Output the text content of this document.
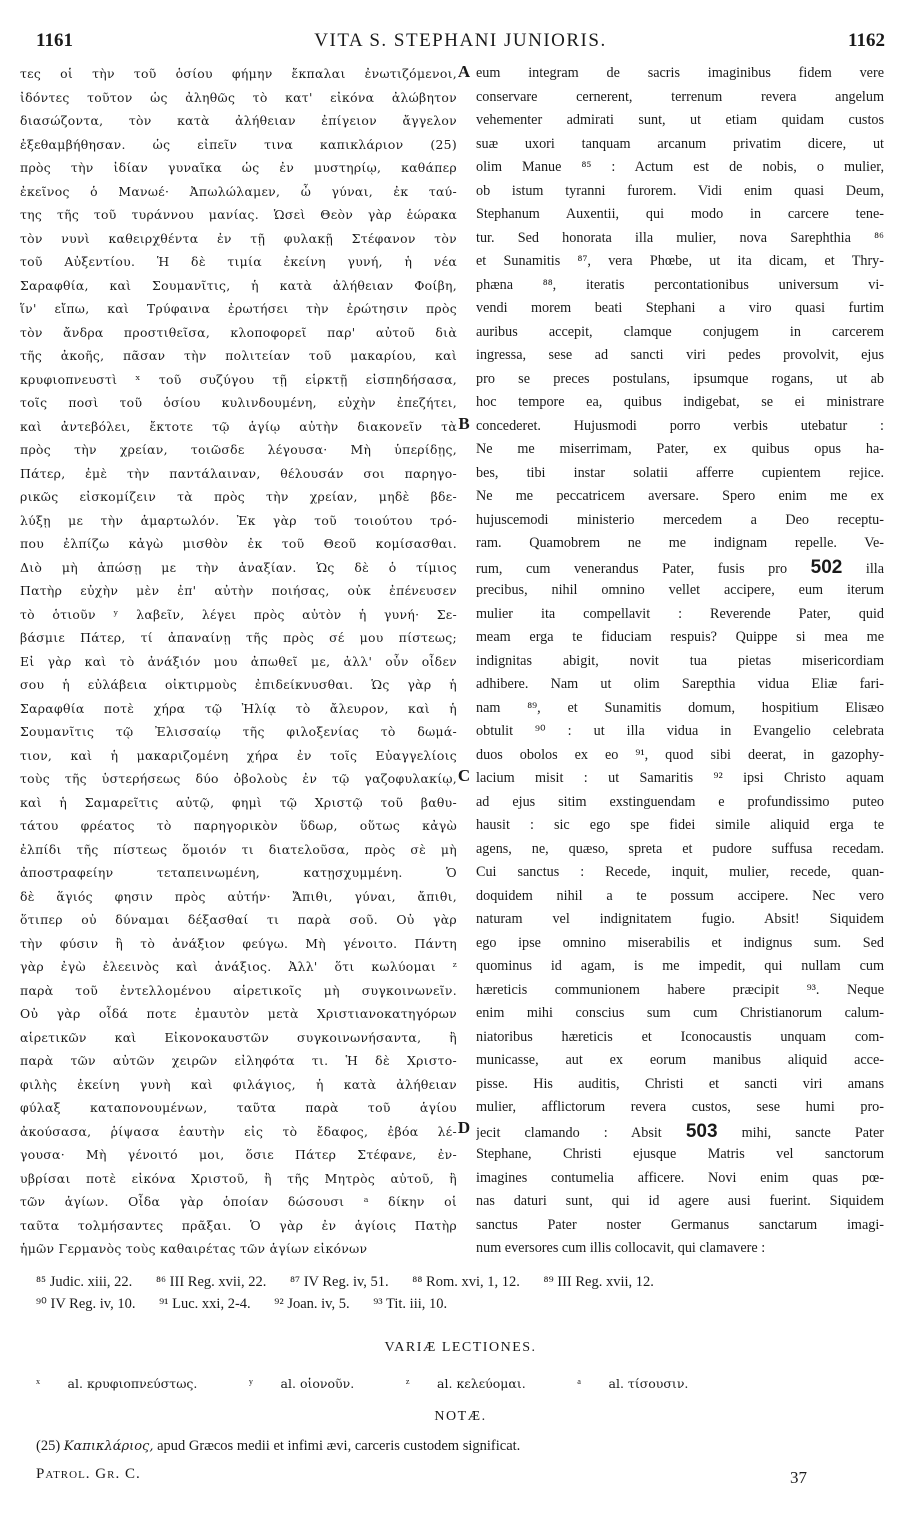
1161	VITA S. STEPHANI JUNIORIS.	1162
τες οἱ τὴν τοῦ ὁσίου φήμην ἔκπαλαι ἐνωτιζόμενοι,
ἰδόντες τοῦτον ὡς ἀληθῶς τὸ κατ' εἰκόνα ἀλώβητον
διασώζοντα, τὸν κατὰ ἀλήθειαν ἐπίγειον ἄγγελον
ἐξεθαμβήθησαν. ὡς εἰπεῖν τινα καπικλάριον (25)
πρὸς τὴν ἰδίαν γυναῖκα ὡς ἐν μυστηρίῳ, καθάπερ
ἐκεῖνος ὁ Μανωέ· Ἀπωλώλαμεν, ὦ γύναι, ἐκ ταύ-
της τῆς τοῦ τυράννου μανίας. Ὡσεὶ Θεὸν γὰρ ἑώρακα
τὸν νυνὶ καθειρχθέντα ἐν τῇ φυλακῇ Στέφανον τὸν
τοῦ Αὐξεντίου. Ἡ δὲ τιμία ἐκείνη γυνή, ἡ νέα
Σαραφθία, καὶ Σουμανῖτις, ἡ κατὰ ἀλήθειαν Φοίβη,
ἵν' εἴπω, καὶ Τρύφαινα ἐρωτήσει τὴν ἐρώτησιν πρὸς
τὸν ἄνδρα προστιθεῖσα, κλοποφορεῖ παρ' αὐτοῦ διὰ
τῆς ἀκοῆς, πᾶσαν τὴν πολιτείαν τοῦ μακαρίου, καὶ
κρυφιοπνευστὶ ˣ τοῦ συζύγου τῇ εἱρκτῇ εἰσπηδήσασα,
τοῖς ποσὶ τοῦ ὁσίου κυλινδουμένη, εὐχὴν ἐπεζήτει,
καὶ ἀντεβόλει, ἔκτοτε τῷ ἁγίῳ αὐτὴν διακονεῖν τὰ
πρὸς τὴν χρείαν, τοιῶσδε λέγουσα· Μὴ ὑπερίδῃς,
Πάτερ, ἐμὲ τὴν παντάλαιναν, θέλουσάν σοι παρηγο-
ρικῶς εἰσκομίζειν τὰ πρὸς τὴν χρείαν, μηδὲ βδε-
λύξῃ με τὴν ἁμαρτωλόν. Ἐκ γὰρ τοῦ τοιούτου τρό-
που ἐλπίζω κἀγὼ μισθὸν ἐκ τοῦ Θεοῦ κομίσασθαι.
Διὸ μὴ ἀπώσῃ με τὴν ἀναξίαν. Ὡς δὲ ὁ τίμιος
Πατὴρ εὐχὴν μὲν ἐπ' αὐτὴν ποιήσας, οὐκ ἐπένευσεν
τὸ ὁτιοῦν ʸ λαβεῖν, λέγει πρὸς αὐτὸν ἡ γυνή· Σε-
βάσμιε Πάτερ, τί ἀπαναίνῃ τῆς πρὸς σέ μου πίστεως;
Εἰ γὰρ καὶ τὸ ἀνάξιόν μου ἀπωθεῖ με, ἀλλ' οὖν οἶδεν
σου ἡ εὐλάβεια οἰκτιρμοὺς ἐπιδείκνυσθαι. Ὡς γὰρ ἡ
Σαραφθία ποτὲ χήρα τῷ Ἠλίᾳ τὸ ἄλευρον, καὶ ἡ
Σουμανῖτις τῷ Ἐλισσαίῳ τῆς φιλοξενίας τὸ δωμά-
τιον, καὶ ἡ μακαριζομένη χήρα ἐν τοῖς Εὐαγγελίοις
τοὺς τῆς ὑστερήσεως δύο ὀβολοὺς ἐν τῷ γαζοφυλακίῳ,
καὶ ἡ Σαμαρεῖτις αὐτῷ, φημὶ τῷ Χριστῷ τοῦ βαθυ-
τάτου φρέατος τὸ παρηγορικὸν ὕδωρ, οὕτως κἀγὼ
ἐλπίδι τῆς πίστεως ὅμοιόν τι διατελοῦσα, πρὸς σὲ μὴ
ἀποστραφείην τεταπεινωμένη, κατῃσχυμμένη. Ὁ
δὲ ἅγιός φησιν πρὸς αὐτήν· Ἄπιθι, γύναι, ἄπιθι,
ὅτιπερ οὐ δύναμαι δέξασθαί τι παρὰ σοῦ. Οὐ γὰρ
τὴν φύσιν ἢ τὸ ἀνάξιον φεύγω. Μὴ γένοιτο. Πάντη
γὰρ ἐγὼ ἐλεεινὸς καὶ ἀνάξιος. Ἀλλ' ὅτι κωλύομαι ᶻ
παρὰ τοῦ ἐντελλομένου αἱρετικοῖς μὴ συγκοινωνεῖν.
Οὐ γὰρ οἶδά ποτε ἐμαυτὸν μετὰ Χριστιανοκατηγόρων
αἱρετικῶν καὶ Εἰκονοκαυστῶν συγκοινωνήσαντα, ἢ
παρὰ τῶν αὐτῶν χειρῶν εἰληφότα τι. Ἡ δὲ Χριστο-
φιλὴς ἐκείνη γυνὴ καὶ φιλάγιος, ἡ κατὰ ἀλήθειαν
φύλαξ καταπονουμένων, ταῦτα παρὰ τοῦ ἁγίου
ἀκούσασα, ῥίψασα ἑαυτὴν εἰς τὸ ἔδαφος, ἐβόα λέ-
γουσα· Μὴ γένοιτό μοι, ὅσιε Πάτερ Στέφανε, ἐν-
υβρίσαι ποτὲ εἰκόνα Χριστοῦ, ἢ τῆς Μητρὸς αὐτοῦ, ἢ
τῶν ἁγίων. Οἶδα γὰρ ὁποίαν δώσουσι ᵃ δίκην οἱ
ταῦτα τολμήσαντες πρᾶξαι. Ὁ γὰρ ἐν ἁγίοις Πατὴρ
ἡμῶν Γερμανὸς τοὺς καθαιρέτας τῶν ἁγίων εἰκόνων
eum integram de sacris imaginibus fidem vere
conservare cernerent, terrenum revera angelum
vehementer admirati sunt, ut etiam quidam custos
suæ uxori tanquam arcanum privatim dicere, ut
olim Manue ⁸⁵ : Actum est de nobis, o mulier,
ob istum tyranni furorem. Vidi enim quasi Deum,
Stephanum Auxentii, qui modo in carcere tene-
tur. Sed honorata illa mulier, nova Sarephthia ⁸⁶
et Sunamitis ⁸⁷, vera Phœbe, ut ita dicam, et Thry-
phæna ⁸⁸, iteratis percontationibus universum vi-
vendi morem beati Stephani a viro quasi furtim
auribus accepit, clamque conjugem in carcerem
ingressa, sese ad sancti viri pedes provolvit, ejus
pro se preces postulans, ipsumque rogans, ut ab
hoc tempore ea, quibus indigebat, se ei ministrare
concederet. Hujusmodi porro verbis utebatur :
Ne me miserrimam, Pater, ex quibus opus ha-
bes, tibi instar solatii afferre cupientem rejice.
Ne me peccatricem aversare. Spero enim me ex
hujuscemodi ministerio mercedem a Deo receptu-
ram. Quamobrem ne me indignam repelle. Ve-
rum, cum venerandus Pater, fusis pro 502 illa
precibus, nihil omnino vellet accipere, eum iterum
mulier ita compellavit : Reverende Pater, quid
meam erga te fiduciam respuis? Quippe si mea me
indignitas abigit, novit tua pietas misericordiam
adhibere. Nam ut olim Sarepthia vidua Eliæ fari-
nam ⁸⁹, et Sunamitis domum, hospitium Elisæo
obtulit ⁹⁰ : ut illa vidua in Evangelio celebrata
duos obolos ex eo ⁹¹, quod sibi deerat, in gazophy-
lacium misit : ut Samaritis ⁹² ipsi Christo aquam
ad ejus sitim exstinguendam e profundissimo puteo
hausit : sic ego spe fidei simile aliquid erga te
agens, ne, quæso, spreta et pudore suffusa recedam.
Cui sanctus : Recede, inquit, mulier, recede, quan-
doquidem nihil a te possum accipere. Nec vero
naturam vel indignitatem fugio. Absit! Siquidem
ego ipse omnino miserabilis et indignus sum. Sed
quominus id agam, is me impedit, qui nullam cum
hæreticis communionem habere præcipit ⁹³. Neque
enim mihi conscius sum cum Christianorum calum-
niatoribus hæreticis et Iconocaustis unquam com-
municasse, aut ex eorum manibus aliquid acce-
pisse. His auditis, Christi et sancti viri amans
mulier, afflictorum revera custos, sese humi pro-
jecit clamando : Absit 503 mihi, sancte Pater
Stephane, Christi ejusque Matris vel sanctorum
imagines contumelia afficere. Novi enim quas pœ-
nas daturi sunt, qui id agere ausi fuerint. Siquidem
sanctus Pater noster Germanus sanctarum imagi-
num eversores cum illis collocavit, qui clamavere :
A
B
C
D
⁸⁵ Judic. xiii, 22. ⁸⁶ III Reg. xvii, 22. ⁸⁷ IV Reg. iv, 51. ⁸⁸ Rom. xvi, 1, 12. ⁸⁹ III Reg. xvii, 12.
⁹⁰ IV Reg. iv, 10. ⁹¹ Luc. xxi, 2-4. ⁹² Joan. iv, 5. ⁹³ Tit. iii, 10.
VARIÆ LECTIONES.
ˣ al. κρυφιοπνεύστως.	ʸ al. οἱονοῦν.	ᶻ al. κελεύομαι.	ᵃ al. τίσουσιν.
NOTÆ.
(25) Καπικλάριος, apud Græcos medii et infimi ævi, carceris custodem significat.
Patrol. Gr. C.	37
